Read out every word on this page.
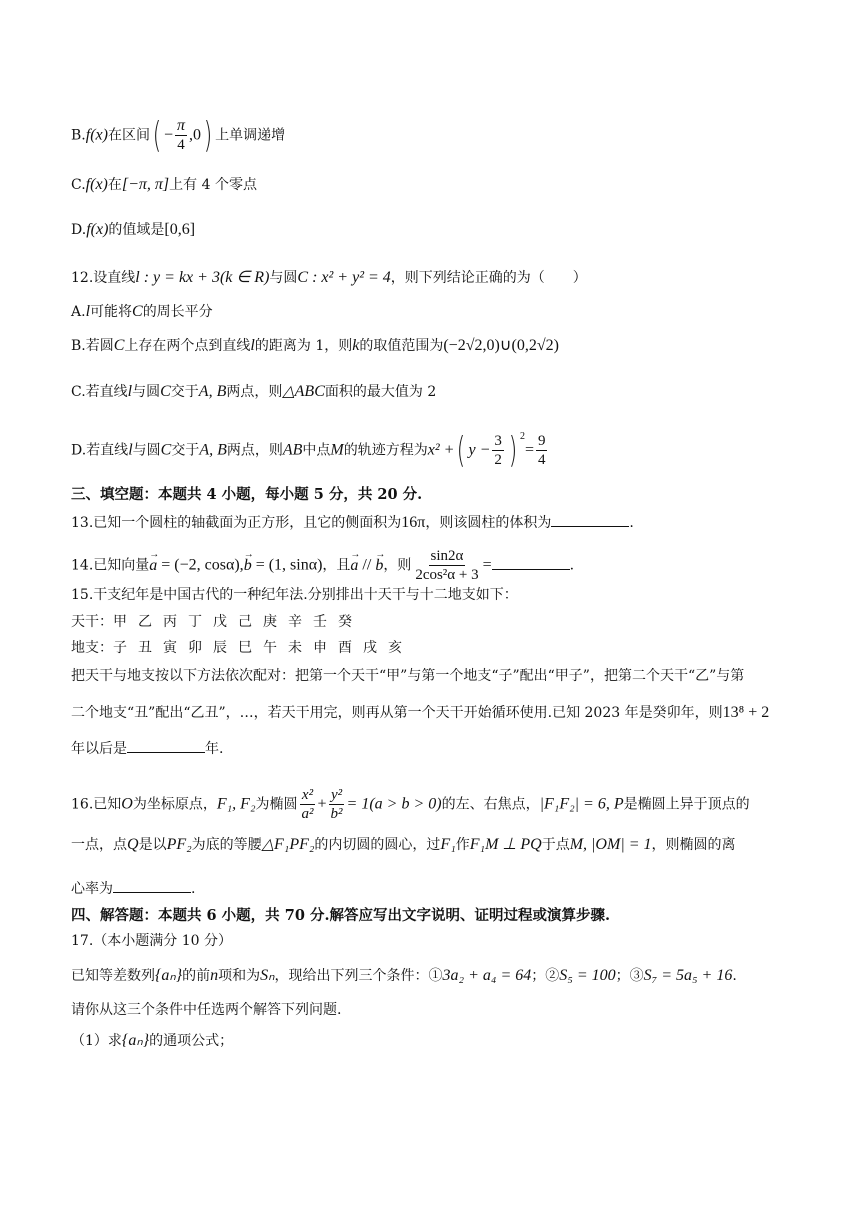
B.f(x)在区间( − $\frac{\pi}{4} ,0$) 上单调递增
C.f(x)在[−π, π]上有 4 个零点
D.f(x)的值域是[0,6]
12.设直线l : y = kx + 3(k ∈ R)与圆C : x² + y² = 4，则下列结论正确的为（　　）
A.l可能将C的周长平分
B.若圆C上存在两个点到直线l的距离为 1，则k的取值范围为(−2√2,0)∪(0,2√2)
C.若直线l与圆C交于A, B两点，则△ABC面积的最大值为 2
D.若直线l与圆C交于A, B两点，则AB中点M的轨迹方程为x² +( $y - \frac{3}{2}$ ) $^2= \frac{9}{4}$
三、填空题：本题共 4 小题，每小题 5 分，共 20 分.
13.已知一个圆柱的轴截面为正方形，且它的侧面积为16π，则该圆柱的体积为	.
14.已知向量→ a = (−2, cosα),→ b = (1, sinα)，且→ a // → b，则 $\frac{\sin 2\alpha}{\text{2cos²α + 3}}$ =	.
15.干支纪年是中国古代的一种纪年法.分别排出十天干与十二地支如下：
天干：甲 乙 丙 丁 戊 己 庚 辛 壬 癸
地支：子 丑 寅 卯 辰 巳 午 未 申 酉 戌 亥
把天干与地支按以下方法依次配对：把第一个天干“甲”与第一个地支“子”配出“甲子”，把第二个天干“乙”与第
二个地支“丑”配出“乙丑”，…，若天干用完，则再从第一个天干开始循环使用.已知 2023 年是癸卯年，则13⁸ + 2
年以后是	年.
16.已知O为坐标原点，F₁, F₂为椭圆 $\frac{\text{x²}}{\text{a²}} + \frac{\text{y²}}{\text{b²}} = 1(a > b > 0)$的左、右焦点，|F₁F₂| = 6, P是椭圆上异于顶点的
一点，点Q是以PF₂为底的等腰△F₁PF₂的内切圆的圆心，过F₁作F₁M ⊥ PQ于点M, |OM| = 1，则椭圆的离
心率为	.
四、解答题：本题共 6 小题，共 70 分.解答应写出文字说明、证明过程或演算步骤.
17.（本小题满分 10 分）
已知等差数列{aₙ}的前n项和为Sₙ，现给出下列三个条件：①3a₂ + a₄ = 64；②S₅ = 100；③S₇ = 5a₅ + 16.
请你从这三个条件中任选两个解答下列问题.
（1）求{aₙ}的通项公式；
